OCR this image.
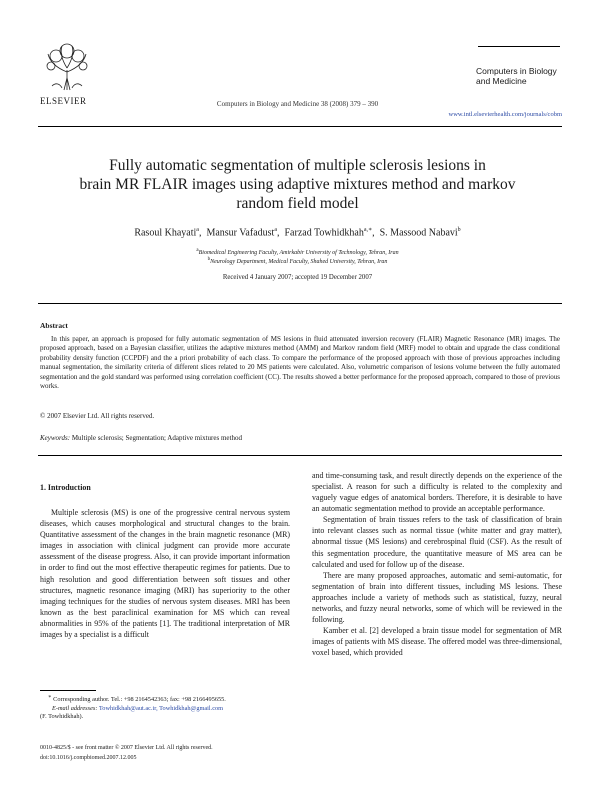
ELSEVIER	Computers in Biology and Medicine 38 (2008) 379 – 390
Computers in Biology
and Medicine
www.intl.elsevierhealth.com/journals/cobm
Fully automatic segmentation of multiple sclerosis lesions in
brain MR FLAIR images using adaptive mixtures method and markov
random field model
Rasoul Khayati$^a$,  Mansur Vafadust$^a$,  Farzad Towhidkhah$^{a,∗}$,  S. Massood Nabavi$^b$
$^a$Biomedical Engineering Faculty, Amirkabir University of Technology, Tehran, Iran
$^b$Neurology Department, Medical Faculty, Shahed University, Tehran, Iran
Received 4 January 2007; accepted 19 December 2007
Abstract
In this paper, an approach is proposed for fully automatic segmentation of MS lesions in fluid attenuated inversion recovery (FLAIR) Magnetic Resonance (MR) images. The proposed approach, based on a Bayesian classifier, utilizes the adaptive mixtures method (AMM) and Markov random field (MRF) model to obtain and upgrade the class conditional probability density function (CCPDF) and the a priori probability of each class. To compare the performance of the proposed approach with those of previous approaches including manual segmentation, the similarity criteria of different slices related to 20 MS patients were calculated. Also, volumetric comparison of lesions volume between the fully automated segmentation and the gold standard was performed using correlation coefficient (CC). The results showed a better performance for the proposed approach, compared to those of previous works.
© 2007 Elsevier Ltd. All rights reserved.
Keywords: Multiple sclerosis; Segmentation; Adaptive mixtures method

1. Introduction

Multiple sclerosis (MS) is one of the progressive central nervous system diseases, which causes morphological and structural changes to the brain. Quantitative assessment of the changes in the brain magnetic resonance (MR) images in association with clinical judgment can provide more accurate assessment of the disease progress. Also, it can provide important information in order to find out the most effective therapeutic regimes for patients. Due to high resolution and good differentiation between soft tissues and other structures, magnetic resonance imaging (MRI) has superiority to the other imaging techniques for the studies of nervous system diseases. MRI has been known as the best paraclinical examination for MS which can reveal abnormalities in 95% of the patients [1]. The traditional interpretation of MR images by a specialist is a difficult

and time-consuming task, and result directly depends on the experience of the specialist. A reason for such a difficulty is related to the complexity and vaguely vague edges of anatomical borders. Therefore, it is desirable to have an automatic segmentation method to provide an acceptable performance.

Segmentation of brain tissues refers to the task of classification of brain into relevant classes such as normal tissue (white matter and gray matter), abnormal tissue (MS lesions) and cerebrospinal fluid (CSF). As the result of this segmentation procedure, the quantitative measure of MS area can be calculated and used for follow up of the disease.

There are many proposed approaches, automatic and semi-automatic, for segmentation of brain into different tissues, including MS lesions. These approaches include a variety of methods such as statistical, fuzzy, neural networks, and fuzzy neural networks, some of which will be reviewed in the following.

Kamber et al. [2] developed a brain tissue model for segmentation of MR images of patients with MS disease. The offered model was three-dimensional, voxel based, which provided

∗ Corresponding author. Tel.: +98 2164542363; fax: +98 2166495655.
E-mail addresses: Towhidkhah@aut.ac.ir, Towhidkhah@gmail.com
(F. Towhidkhah).
0010-4825/$ - see front matter © 2007 Elsevier Ltd. All rights reserved.
doi:10.1016/j.compbiomed.2007.12.005
